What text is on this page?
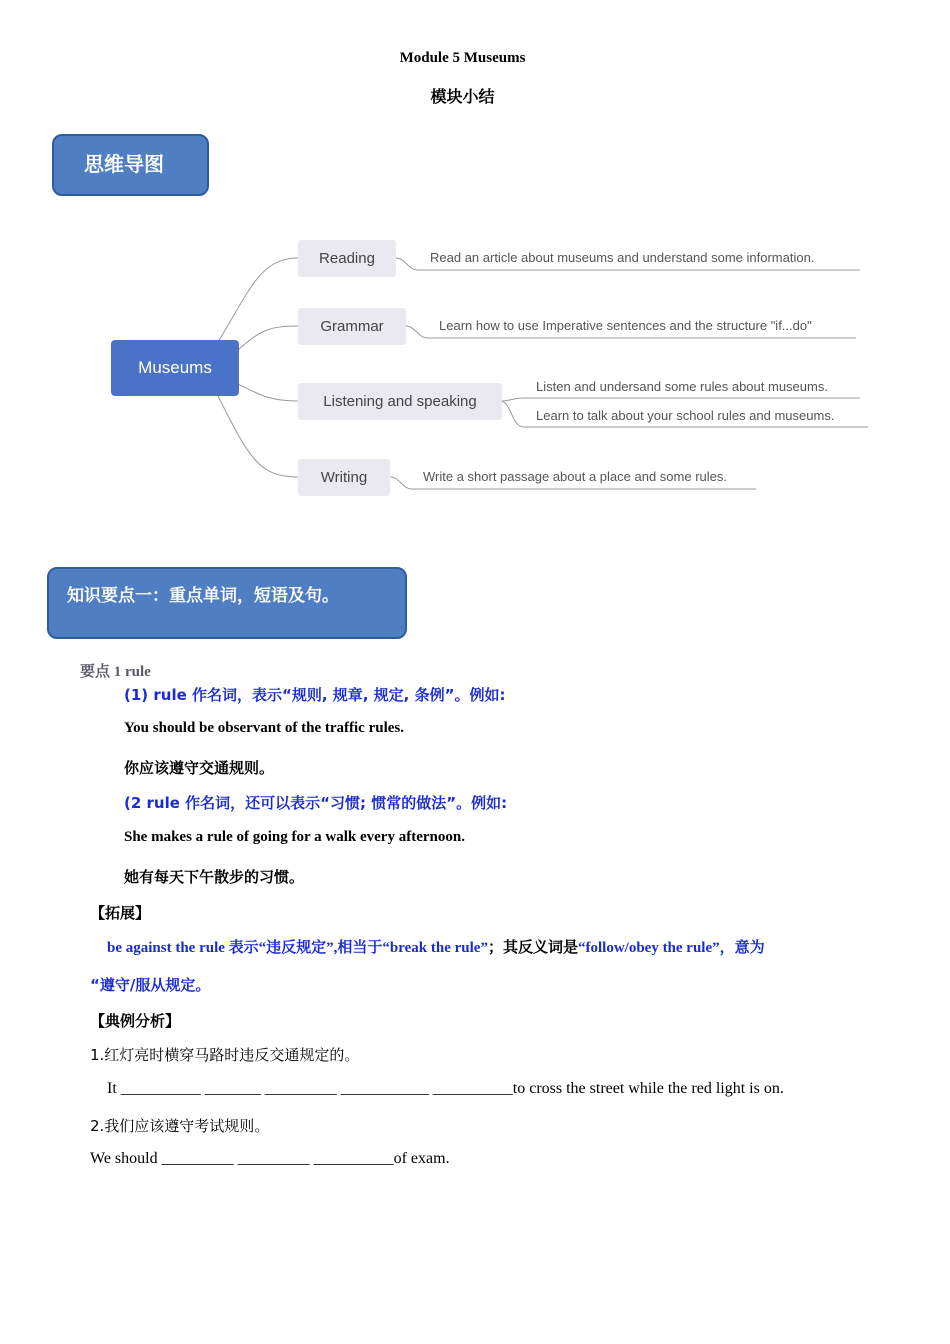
Module 5 Museums
模块小结
思维导图
Museums
Reading
Grammar
Listening and speaking
Writing
Read an article about museums and understand some information.
Learn how to use Imperative sentences and the structure "if...do"
Listen and undersand some rules about museums.
Learn to talk about your school rules and museums.
Write a short passage about a place and some rules.
知识要点一：重点单词，短语及句。
要点 1 rule
(1) rule 作名词，表示“规则, 规章, 规定, 条例”。例如:
You should be observant of the traffic rules.
你应该遵守交通规则。
(2 rule 作名词，还可以表示“习惯; 惯常的做法”。例如:
She makes a rule of going for a walk every afternoon.
她有每天下午散步的习惯。
【拓展】
be against the rule 表示“违反规定”,相当于“break the rule”；其反义词是“follow/obey the rule”，意为
“遵守/服从规定。
【典例分析】
1.红灯亮时横穿马路时违反交通规定的。
It __________ _______ _________ ___________ __________to cross the street while the red light is on.
2.我们应该遵守考试规则。
We should _________ _________ __________of exam.
